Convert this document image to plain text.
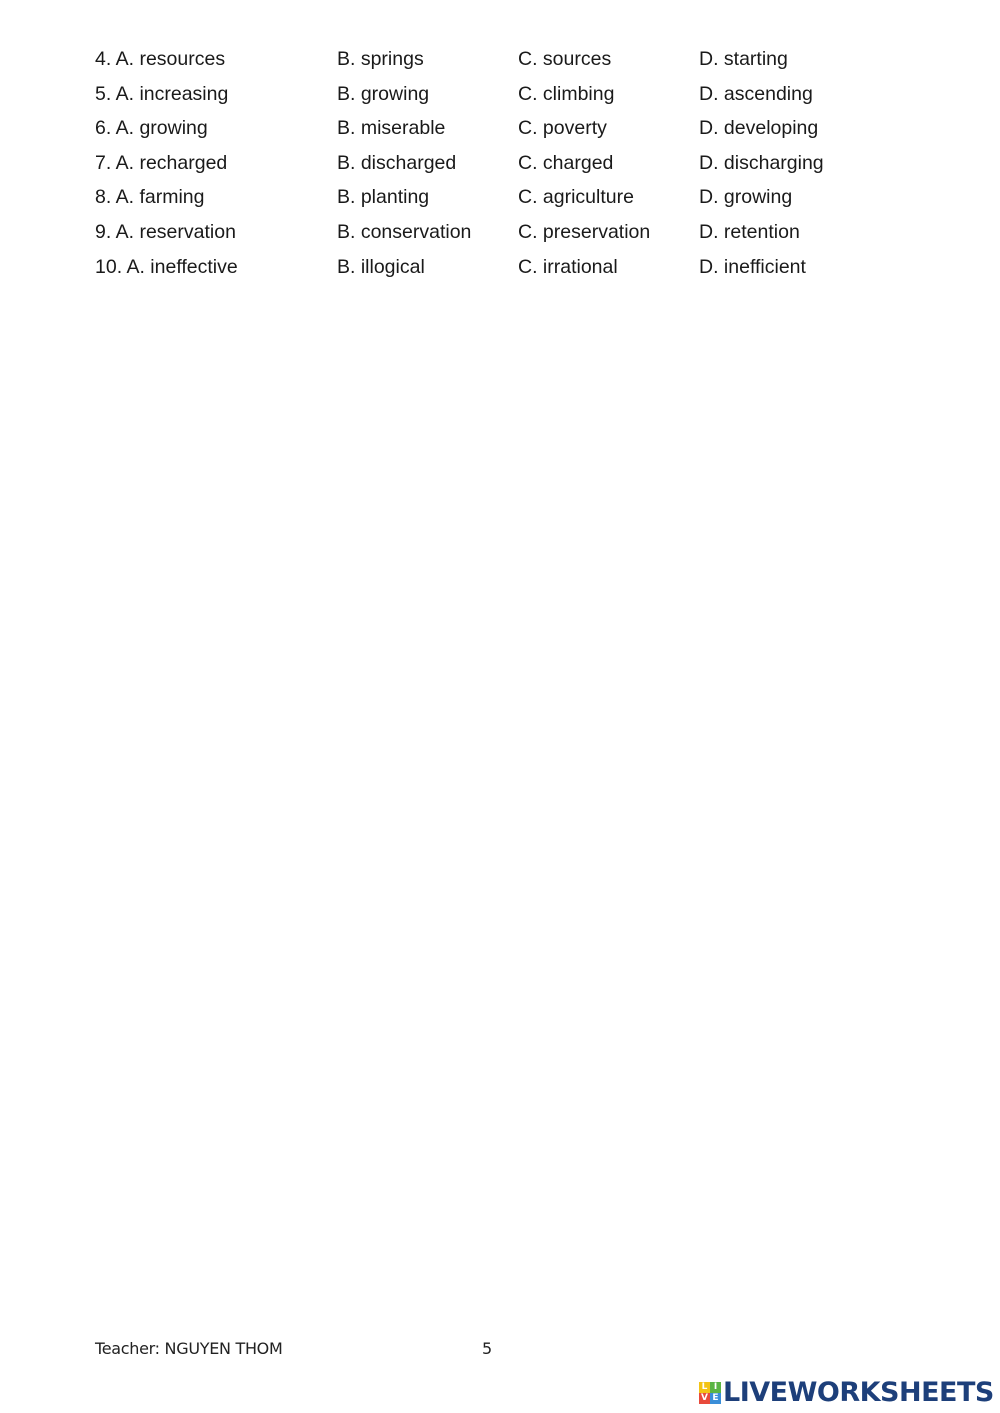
4. A. resources	B. springs	C. sources	D. starting
5. A. increasing	B. growing	C. climbing	D. ascending
6. A. growing	B. miserable	C. poverty	D. developing
7. A. recharged	B. discharged	C. charged	D. discharging
8. A. farming	B. planting	C. agriculture	D. growing
9. A. reservation	B. conservation C. preservation	D. retention
10. A. ineffective	B. illogical	C. irrational	D. inefficient
Teacher: NGUYEN THOM	5
L I
V E LIVEWORKSHEETS
